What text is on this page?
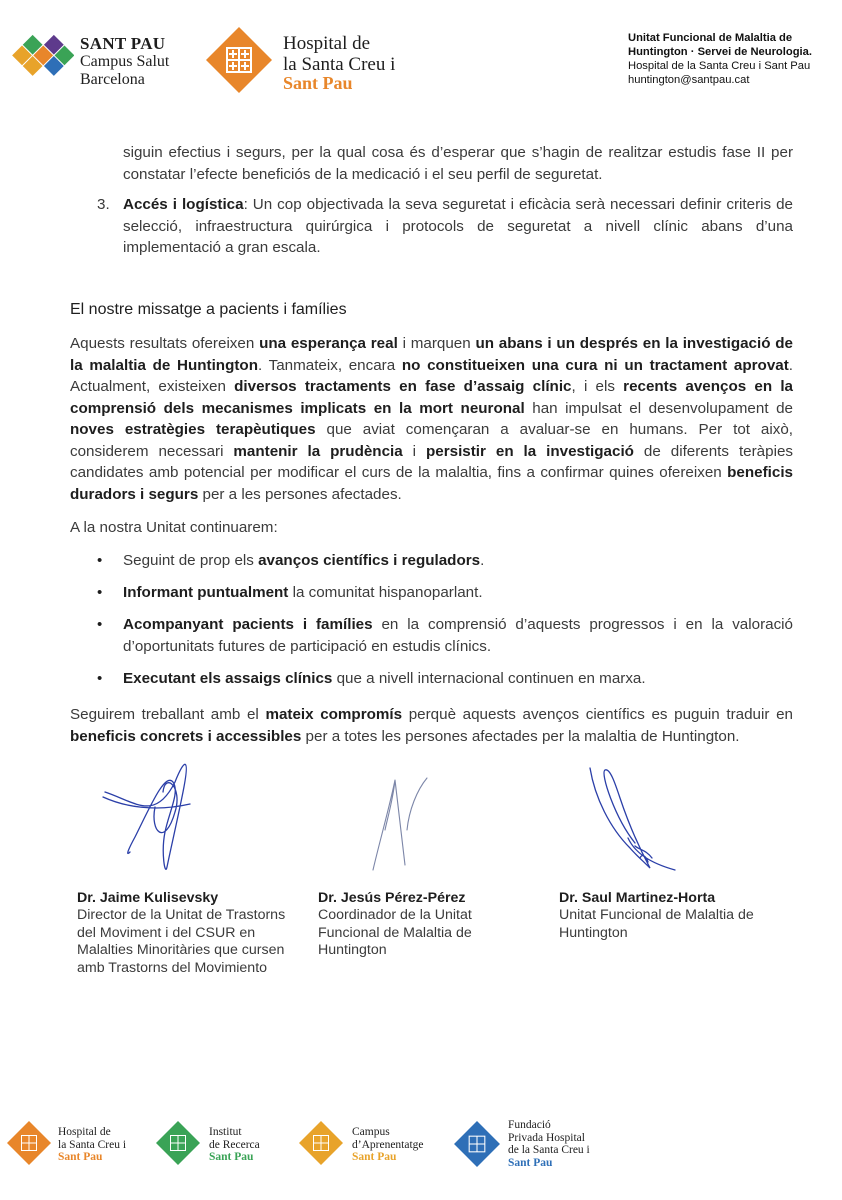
SANT PAU
Campus Salut
Barcelona
Hospital de
la Santa Creu i
Sant Pau
Unitat Funcional de Malaltia de
Huntington · Servei de Neurologia.
Hospital de la Santa Creu i Sant Pau
huntington@santpau.cat
siguin efectius i segurs, per la qual cosa és d’esperar que s’hagin de realitzar estudis fase II per constatar l’efecte beneficiós de la medicació i el seu perfil de seguretat.
3. Accés i logística: Un cop objectivada la seva seguretat i eficàcia serà necessari definir criteris de selecció, infraestructura quirúrgica i protocols de seguretat a nivell clínic abans d’una implementació a gran escala.
El nostre missatge a pacients i famílies
Aquests resultats ofereixen una esperança real i marquen un abans i un després en la investigació de la malaltia de Huntington. Tanmateix, encara no constitueixen una cura ni un tractament aprovat. Actualment, existeixen diversos tractaments en fase d’assaig clínic, i els recents avenços en la comprensió dels mecanismes implicats en la mort neuronal han impulsat el desenvolupament de noves estratègies terapèutiques que aviat començaran a avaluar-se en humans. Per tot això, considerem necessari mantenir la prudència i persistir en la investigació de diferents teràpies candidates amb potencial per modificar el curs de la malaltia, fins a confirmar quines ofereixen beneficis duradors i segurs per a les persones afectades.
A la nostra Unitat continuarem:
• Seguint de prop els avanços científics i reguladors.
• Informant puntualment la comunitat hispanoparlant.
• Acompanyant pacients i famílies en la comprensió d’aquests progressos i en la valoració d’oportunitats futures de participació en estudis clínics.
• Executant els assaigs clínics que a nivell internacional continuen en marxa.
Seguirem treballant amb el mateix compromís perquè aquests avenços científics es puguin traduir en beneficis concrets i accessibles per a totes les persones afectades per la malaltia de Huntington.
Dr. Jaime Kulisevsky
Director de la Unitat de Trastorns
del Moviment i del CSUR en
Malalties Minoritàries que cursen
amb Trastorns del Movimiento
Dr. Jesús Pérez-Pérez
Coordinador de la Unitat
Funcional de Malaltia de
Huntington
Dr. Saul Martinez-Horta
Unitat Funcional de Malaltia de
Huntington
Hospital de
la Santa Creu i
Sant Pau
Institut
de Recerca
Sant Pau
Campus
d’Aprenentatge
Sant Pau
Fundació
Privada Hospital
de la Santa Creu i
Sant Pau
